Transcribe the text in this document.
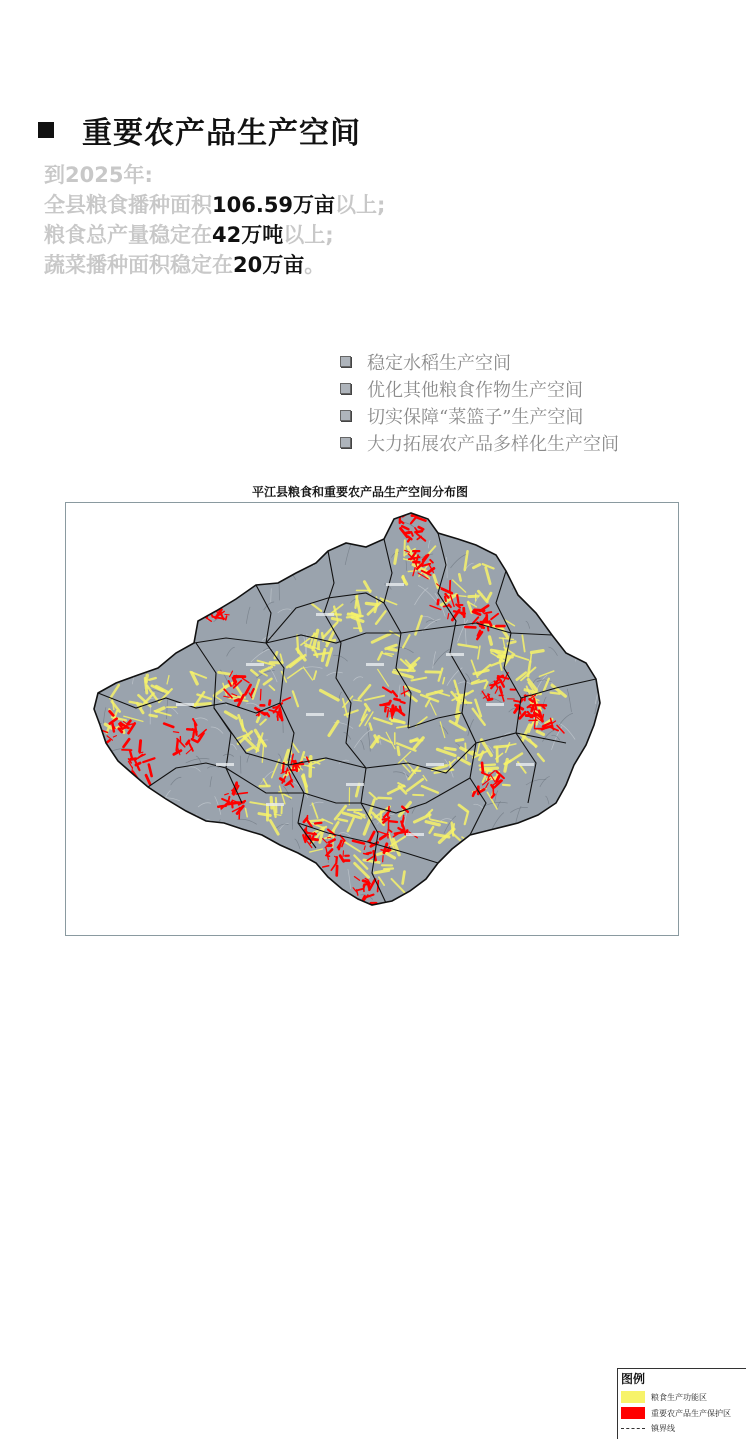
重要农产品生产空间
到2025年:
全县粮食播种面积106.59万亩以上;
粮食总产量稳定在42万吨以上;
蔬菜播种面积稳定在20万亩。
稳定水稻生产空间
优化其他粮食作物生产空间
切实保障“菜篮子”生产空间
大力拓展农产品多样化生产空间
平江县粮食和重要农产品生产空间分布图
图例
粮食生产功能区
重要农产品生产保护区
镇界线
